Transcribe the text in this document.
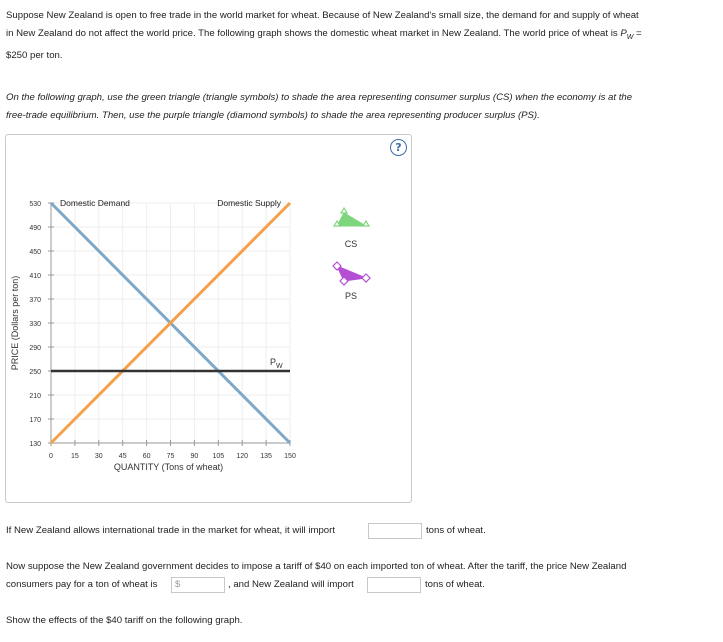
Suppose New Zealand is open to free trade in the world market for wheat. Because of New Zealand's small size, the demand for and supply of wheat
in New Zealand do not affect the world price. The following graph shows the domestic wheat market in New Zealand. The world price of wheat is $P_W$ =
$250 per ton.
On the following graph, use the green triangle (triangle symbols) to shade the area representing consumer surplus (CS) when the economy is at the
free-trade equilibrium. Then, use the purple triangle (diamond symbols) to shade the area representing producer surplus (PS).
?
130
170
210
250
290
330
370
410
450
490
530
0	15 30 45 60 75 90 105 120 135 150
Domestic Demand	Domestic Supply
$P_W$
PRICE (Dollars per ton)
QUANTITY (Tons of wheat)
CS
PS
If New Zealand allows international trade in the market for wheat, it will import	tons of wheat.
Now suppose the New Zealand government decides to impose a tariff of $40 on each imported ton of wheat. After the tariff, the price New Zealand
consumers pay for a ton of wheat is $	, and New Zealand will import	tons of wheat.
Show the effects of the $40 tariff on the following graph.
